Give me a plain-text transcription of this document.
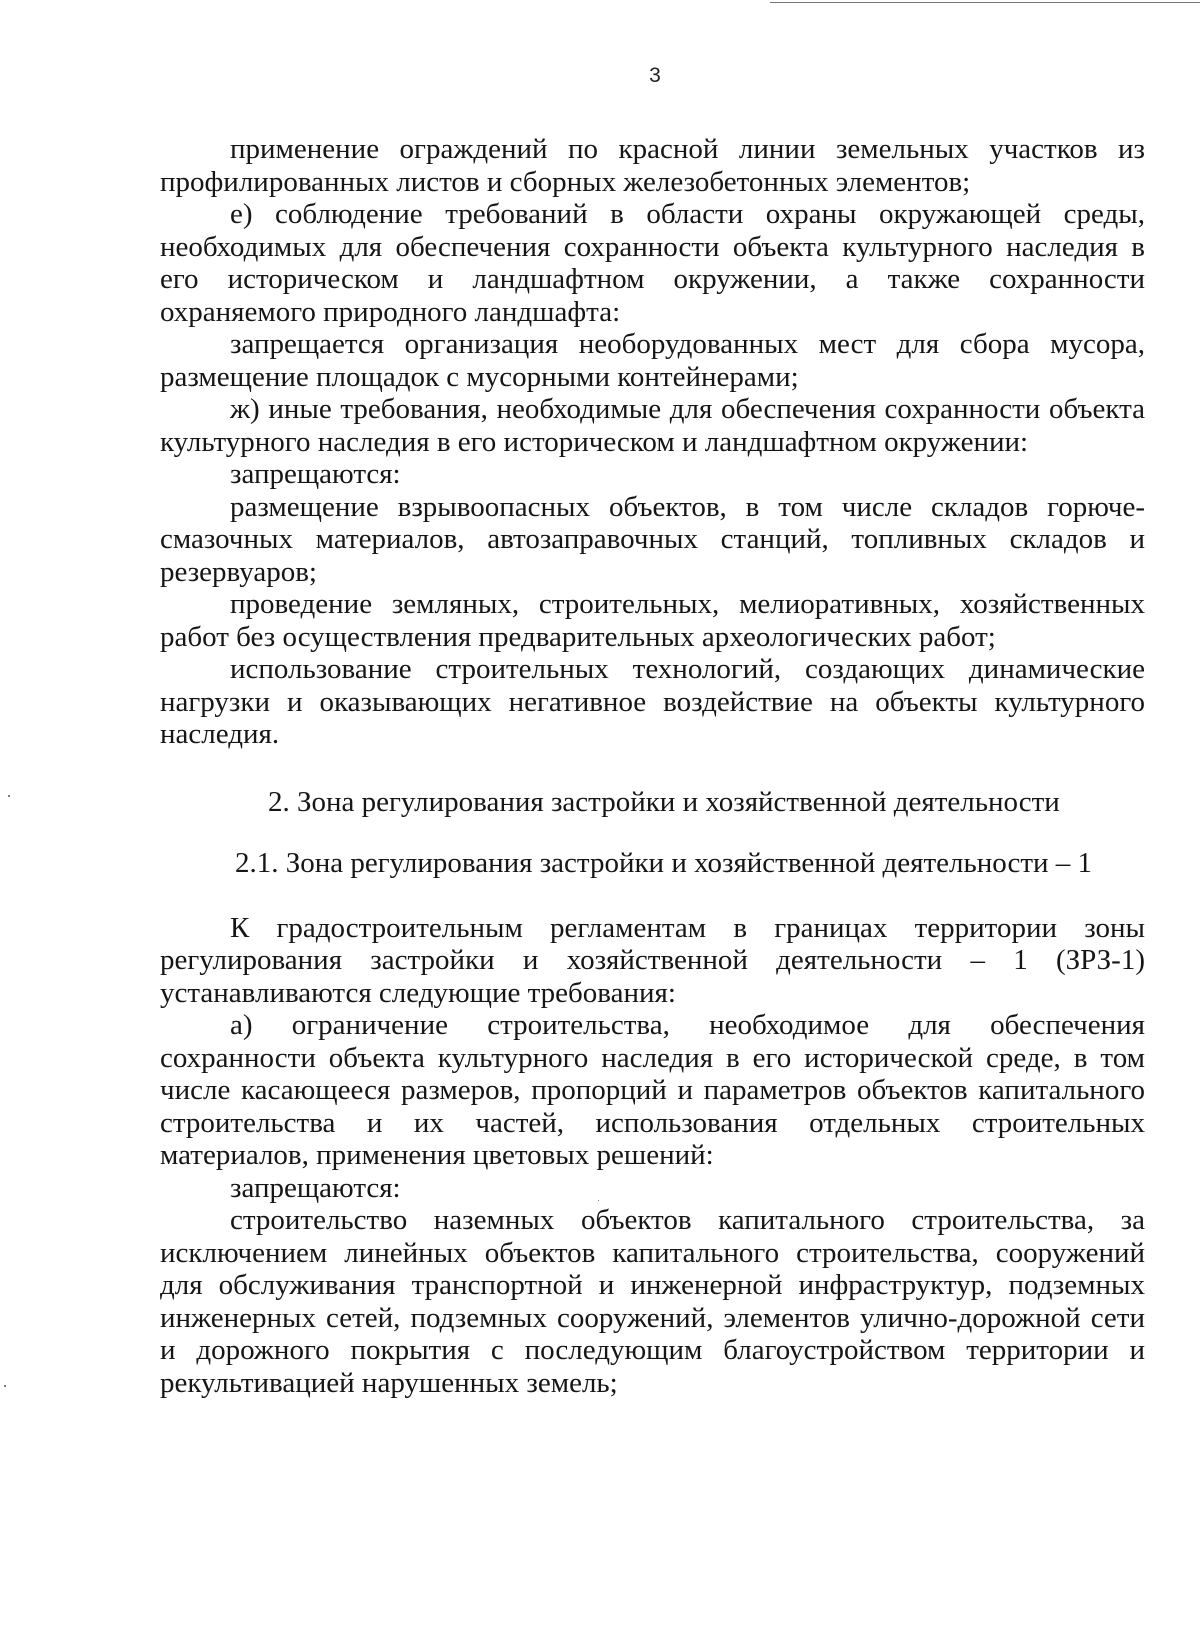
3

применение ограждений по красной линии земельных участков из профилированных листов и сборных железобетонных элементов;

е) соблюдение требований в области охраны окружающей среды, необходимых для обеспечения сохранности объекта культурного наследия в его историческом и ландшафтном окружении, а также сохранности охраняемого природного ландшафта:

запрещается организация необорудованных мест для сбора мусора, размещение площадок с мусорными контейнерами;

ж) иные требования, необходимые для обеспечения сохранности объекта культурного наследия в его историческом и ландшафтном окружении:

запрещаются:

размещение взрывоопасных объектов, в том числе складов горюче-смазочных материалов, автозаправочных станций, топливных складов и резервуаров;

проведение земляных, строительных, мелиоративных, хозяйственных работ без осуществления предварительных археологических работ;

использование строительных технологий, создающих динамические нагрузки и оказывающих негативное воздействие на объекты культурного наследия.

2. Зона регулирования застройки и хозяйственной деятельности

2.1. Зона регулирования застройки и хозяйственной деятельности – 1

К градостроительным регламентам в границах территории зоны регулирования застройки и хозяйственной деятельности – 1 (ЗРЗ-1) устанавливаются следующие требования:

а) ограничение строительства, необходимое для обеспечения сохранности объекта культурного наследия в его исторической среде, в том числе касающееся размеров, пропорций и параметров объектов капитального строительства и их частей, использования отдельных строительных материалов, применения цветовых решений:

запрещаются:

строительство наземных объектов капитального строительства, за исключением линейных объектов капитального строительства, сооружений для обслуживания транспортной и инженерной инфраструктур, подземных инженерных сетей, подземных сооружений, элементов улично-дорожной сети и дорожного покрытия с последующим благоустройством территории и рекультивацией нарушенных земель;
